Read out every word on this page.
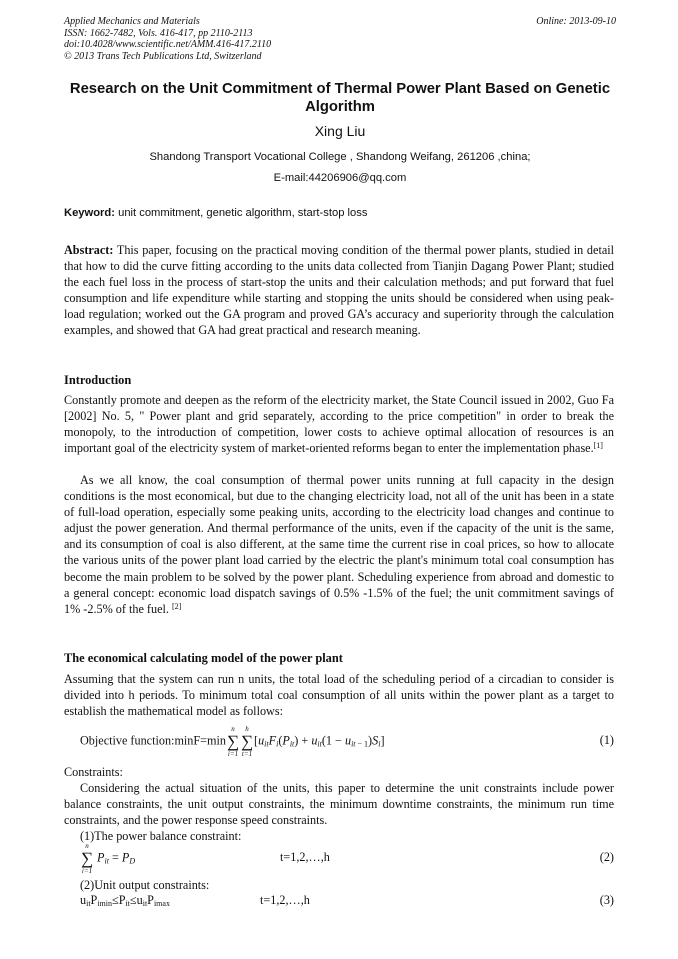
Applied Mechanics and Materials
ISSN: 1662-7482, Vols. 416-417, pp 2110-2113
doi:10.4028/www.scientific.net/AMM.416-417.2110
© 2013 Trans Tech Publications Ltd, Switzerland
Online: 2013-09-10
Research on the Unit Commitment of Thermal Power Plant Based on Genetic Algorithm
Xing Liu
Shandong Transport Vocational College , Shandong Weifang, 261206 ,china;
E-mail:44206906@qq.com
Keyword: unit commitment, genetic algorithm, start-stop loss
Abstract: This paper, focusing on the practical moving condition of the thermal power plants, studied in detail that how to did the curve fitting according to the units data collected from Tianjin Dagang Power Plant; studied the each fuel loss in the process of start-stop the units and their calculation methods; and put forward that fuel consumption and life expenditure while starting and stopping the units should be considered when using peak-load regulation; worked out the GA program and proved GA’s accuracy and superiority through the calculation examples, and showed that GA had great practical and research meaning.
Introduction
Constantly promote and deepen as the reform of the electricity market, the State Council issued in 2002, Guo Fa [2002] No. 5, " Power plant and grid separately, according to the price competition" in order to break the monopoly, to the introduction of competition, lower costs to achieve optimal allocation of resources is an important goal of the electricity system of market-oriented reforms began to enter the implementation phase.[1]
As we all know, the coal consumption of thermal power units running at full capacity in the design conditions is the most economical, but due to the changing electricity load, not all of the unit has been in a state of full-load operation, especially some peaking units, according to the electricity load changes and continue to adjust the power generation. And thermal performance of the units, even if the capacity of the unit is the same, and its consumption of coal is also different, at the same time the current rise in coal prices, so how to allocate the various units of the power plant load carried by the electric the plant's minimum total coal consumption has become the main problem to be solved by the power plant. Scheduling experience from abroad and domestic to a general concept: economic load dispatch savings of 0.5% -1.5% of the fuel; the unit commitment savings of 1% -2.5% of the fuel. [2]
The economical calculating model of the power plant
Assuming that the system can run n units, the total load of the scheduling period of a circadian to consider is divided into h periods. To minimum total coal consumption of all units within the power plant as a target to establish the mathematical model as follows:
Objective function:minF=min
n
∑
i=1
h
∑
t=1
$[u_{it}F_i(P_{it}) + u_{it}(1 - u_{it - 1})S_i]$	(1)
Constraints:
Considering the actual situation of the units, this paper to determine the unit constraints include power balance constraints, the unit output constraints, the minimum downtime constraints, the minimum run time constraints, and the power response speed constraints.
(1)The power balance constraint:
n
∑
i=1
$P_{it} = P_D$	t=1,2,…,h	(2)
(2)Unit output constraints:
$u_{it}P_{imin}\le P_{it}\le u_{it}P_{imax}$	t=1,2,…,h	(3)
